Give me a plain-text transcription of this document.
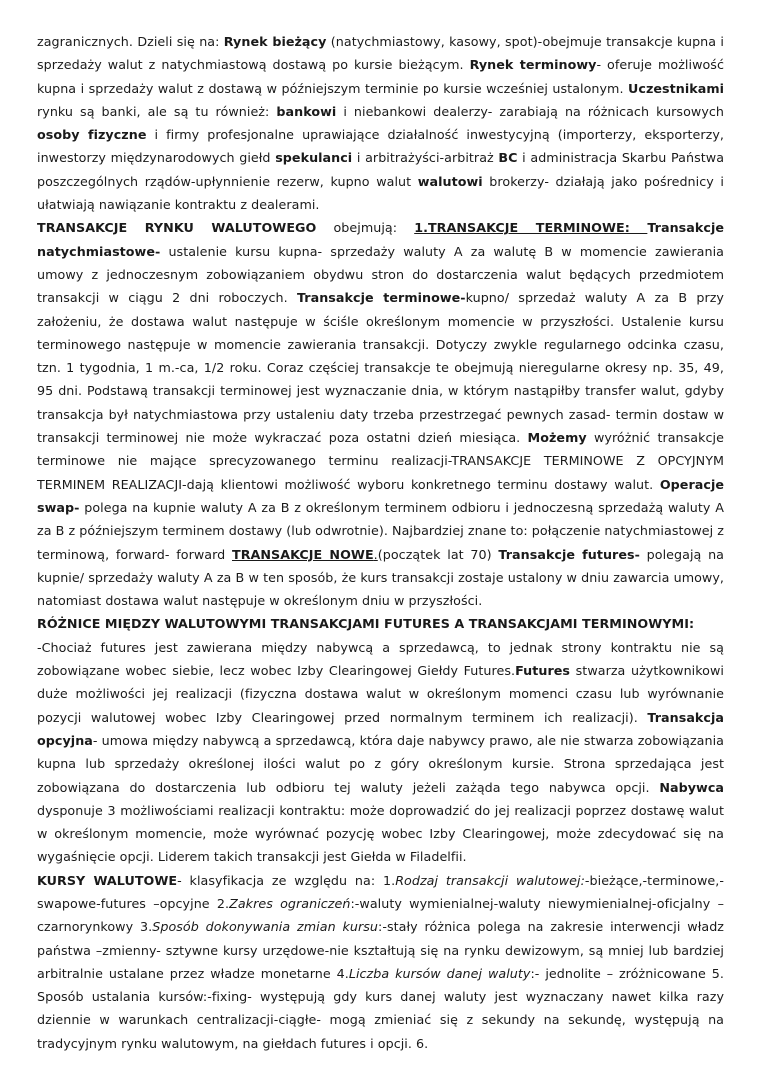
zagranicznych. Dzieli się na: Rynek bieżący (natychmiastowy, kasowy, spot)-obejmuje transakcje kupna i sprzedaży walut z natychmiastową dostawą po kursie bieżącym. Rynek terminowy- oferuje możliwość kupna i sprzedaży walut z dostawą w późniejszym terminie po kursie wcześniej ustalonym. Uczestnikami rynku są banki, ale są tu również: bankowi i niebankowi dealerzy- zarabiają na różnicach kursowych osoby fizyczne i firmy profesjonalne uprawiające działalność inwestycyjną (importerzy, eksporterzy, inwestorzy międzynarodowych giełd spekulanci i arbitrażyści-arbitraż BC i administracja Skarbu Państwa poszczególnych rządów-upłynnienie rezerw, kupno walut walutowi brokerzy- działają jako pośrednicy i ułatwiają nawiązanie kontraktu z dealerami.

TRANSAKCJE RYNKU WALUTOWEGO obejmują: 1.TRANSAKCJE TERMINOWE: Transakcje natychmiastowe- ustalenie kursu kupna- sprzedaży waluty A za walutę B w momencie zawierania umowy z jednoczesnym zobowiązaniem obydwu stron do dostarczenia walut będących przedmiotem transakcji w ciągu 2 dni roboczych. Transakcje terminowe-kupno/ sprzedaż waluty A za B przy założeniu, że dostawa walut następuje w ściśle określonym momencie w przyszłości. Ustalenie kursu terminowego następuje w momencie zawierania transakcji. Dotyczy zwykle regularnego odcinka czasu, tzn. 1 tygodnia, 1 m.-ca, 1/2 roku. Coraz częściej transakcje te obejmują nieregularne okresy np. 35, 49, 95 dni. Podstawą transakcji terminowej jest wyznaczanie dnia, w którym nastąpiłby transfer walut, gdyby transakcja był natychmiastowa przy ustaleniu daty trzeba przestrzegać pewnych zasad- termin dostaw w transakcji terminowej nie może wykraczać poza ostatni dzień miesiąca. Możemy wyróżnić transakcje terminowe nie mające sprecyzowanego terminu realizacji-TRANSAKCJE TERMINOWE Z OPCYJNYM TERMINEM REALIZACJI-dają klientowi możliwość wyboru konkretnego terminu dostawy walut. Operacje swap- polega na kupnie waluty A za B z określonym terminem odbioru i jednoczesną sprzedażą waluty A za B z późniejszym terminem dostawy (lub odwrotnie). Najbardziej znane to: połączenie natychmiastowej z terminową, forward- forward TRANSAKCJE NOWE.(początek lat 70) Transakcje futures- polegają na kupnie/ sprzedaży waluty A za B w ten sposób, że kurs transakcji zostaje ustalony w dniu zawarcia umowy, natomiast dostawa walut następuje w określonym dniu w przyszłości.

RÓŻNICE MIĘDZY WALUTOWYMI TRANSAKCJAMI FUTURES A TRANSAKCJAMI TERMINOWYMI:

-Chociaż futures jest zawierana między nabywcą a sprzedawcą, to jednak strony kontraktu nie są zobowiązane wobec siebie, lecz wobec Izby Clearingowej Giełdy Futures.Futures stwarza użytkownikowi duże możliwości jej realizacji (fizyczna dostawa walut w określonym momenci czasu lub wyrównanie pozycji walutowej wobec Izby Clearingowej przed normalnym terminem ich realizacji). Transakcja opcyjna- umowa między nabywcą a sprzedawcą, która daje nabywcy prawo, ale nie stwarza zobowiązania kupna lub sprzedaży określonej ilości walut po z góry określonym kursie. Strona sprzedająca jest zobowiązana do dostarczenia lub odbioru tej waluty jeżeli zażąda tego nabywca opcji. Nabywca dysponuje 3 możliwościami realizacji kontraktu: może doprowadzić do jej realizacji poprzez dostawę walut w określonym momencie, może wyrównać pozycję wobec Izby Clearingowej, może zdecydować się na wygaśnięcie opcji. Liderem takich transakcji jest Giełda w Filadelfii.

KURSY WALUTOWE- klasyfikacja ze względu na: 1.Rodzaj transakcji walutowej:-bieżące,-terminowe,-swapowe-futures –opcyjne 2.Zakres ograniczeń:-waluty wymienialnej-waluty niewymienialnej-oficjalny –czarnorynkowy 3.Sposób dokonywania zmian kursu:-stały różnica polega na zakresie interwencji władz państwa –zmienny- sztywne kursy urzędowe-nie kształtują się na rynku dewizowym, są mniej lub bardziej arbitralnie ustalane przez władze monetarne 4.Liczba kursów danej waluty:- jednolite – zróżnicowane 5. Sposób ustalania kursów:-fixing- występują gdy kurs danej waluty jest wyznaczany nawet kilka razy dziennie w warunkach centralizacji-ciągłe- mogą zmieniać się z sekundy na sekundę, występują na tradycyjnym rynku walutowym, na giełdach futures i opcji. 6.
